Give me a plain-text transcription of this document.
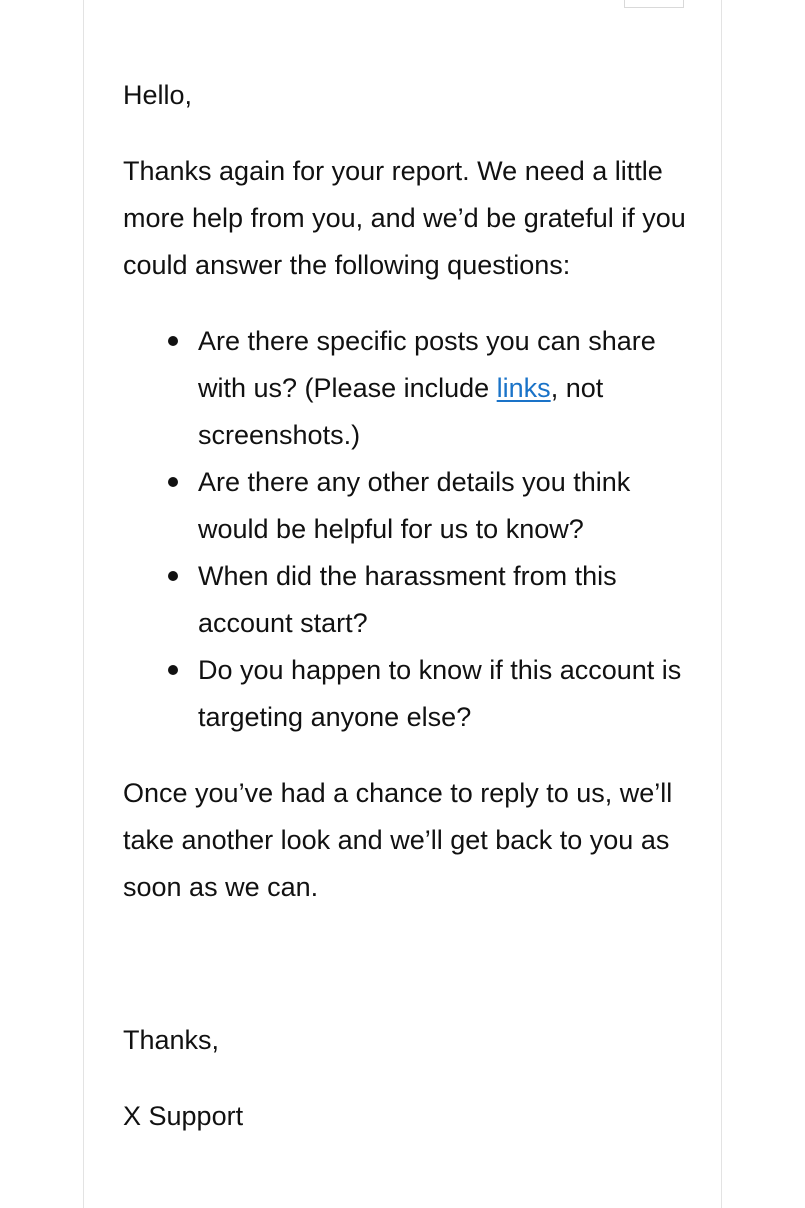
Hello,

Thanks again for your report. We need a little more help from you, and we’d be grateful if you could answer the following questions:

Are there specific posts you can share with us? (Please include links, not screenshots.)
Are there any other details you think would be helpful for us to know?
When did the harassment from this account start?
Do you happen to know if this account is targeting anyone else?

Once you’ve had a chance to reply to us, we’ll take another look and we’ll get back to you as soon as we can.

Thanks,

X Support
